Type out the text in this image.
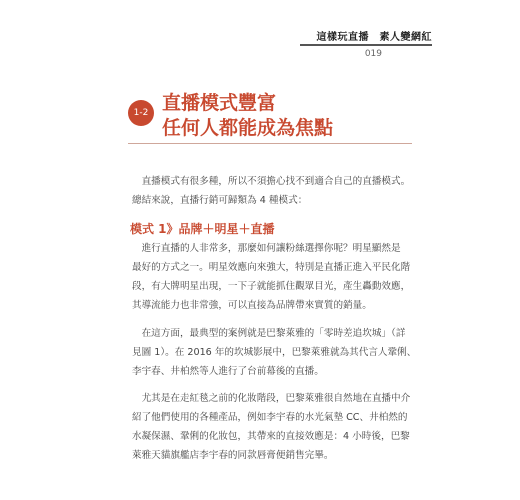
這樣玩直播　素人變網紅
019
1-2 直播模式豐富
任何人都能成為焦點

　直播模式有很多種，所以不須擔心找不到適合自己的直播模式。

總結來說，直播行銷可歸類為 4 種模式：

模式 1》品牌＋明星＋直播

　進行直播的人非常多，那麼如何讓粉絲選擇你呢？明星顯然是

最好的方式之一。明星效應向來強大，特別是直播正進入平民化階

段，有大牌明星出現，一下子就能抓住觀眾目光，產生轟動效應，

其導流能力也非常強，可以直接為品牌帶來實質的銷量。

　在這方面，最典型的案例就是巴黎萊雅的「零時差追坎城」（詳

見圖 1）。在 2016 年的坎城影展中，巴黎萊雅就為其代言人鞏俐、

李宇春、井柏然等人進行了台前幕後的直播。

　尤其是在走紅毯之前的化妝階段，巴黎萊雅很自然地在直播中介

紹了他們使用的各種產品，例如李宇春的水光氣墊 CC、井柏然的

水凝保濕、鞏俐的化妝包，其帶來的直接效應是：4 小時後，巴黎

萊雅天貓旗艦店李宇春的同款唇膏便銷售完畢。
